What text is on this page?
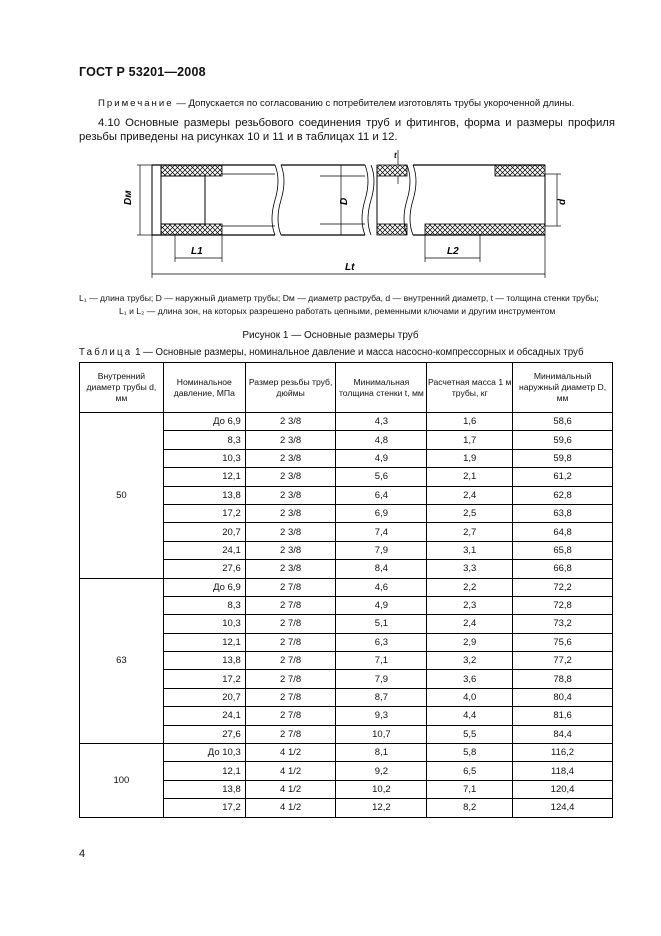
ГОСТ Р 53201—2008
Примечание — Допускается по согласованию с потребителем изготовлять трубы укороченной длины.
4.10 Основные размеры резьбового соединения труб и фитингов, форма и размеры профиля резьбы приведены на рисунках 10 и 11 и в таблицах 11 и 12.
Dм	D	d
t
L1	L2
Lt
L₁ — длина трубы; D — наружный диаметр трубы; Dм — диаметр раструба, d — внутренний диаметр, t — толщина стенки трубы;

L₁ и L₂ — длина зон, на которых разрешено работать цепными, ременными ключами и другим инструментом
Рисунок 1 — Основные размеры труб
Таблица 1 — Основные размеры, номинальное давление и масса насосно-компрессорных и обсадных труб
Внутренний диаметр трубы d, мм	Номинальное давление, МПа	Размер резьбы труб, дюймы	Минимальная толщина стенки t, мм	Расчетная масса 1 м трубы, кг	Минимальный наружный диаметр D, мм
50	До 6,9	2 3/8	4,3	1,6	58,6
	8,3	2 3/8	4,8	1,7	59,6
	10,3	2 3/8	4,9	1,9	59,8
	12,1	2 3/8	5,6	2,1	61,2
	13,8	2 3/8	6,4	2,4	62,8
	17,2	2 3/8	6,9	2,5	63,8
	20,7	2 3/8	7,4	2,7	64,8
	24,1	2 3/8	7,9	3,1	65,8
	27,6	2 3/8	8,4	3,3	66,8
63	До 6,9	2 7/8	4,6	2,2	72,2
	8,3	2 7/8	4,9	2,3	72,8
	10,3	2 7/8	5,1	2,4	73,2
	12,1	2 7/8	6,3	2,9	75,6
	13,8	2 7/8	7,1	3,2	77,2
	17,2	2 7/8	7,9	3,6	78,8
	20,7	2 7/8	8,7	4,0	80,4
	24,1	2 7/8	9,3	4,4	81,6
	27,6	2 7/8	10,7	5,5	84,4
100	До 10,3	4 1/2	8,1	5,8	116,2
	12,1	4 1/2	9,2	6,5	118,4
	13,8	4 1/2	10,2	7,1	120,4
	17,2	4 1/2	12,2	8,2	124,4
4
